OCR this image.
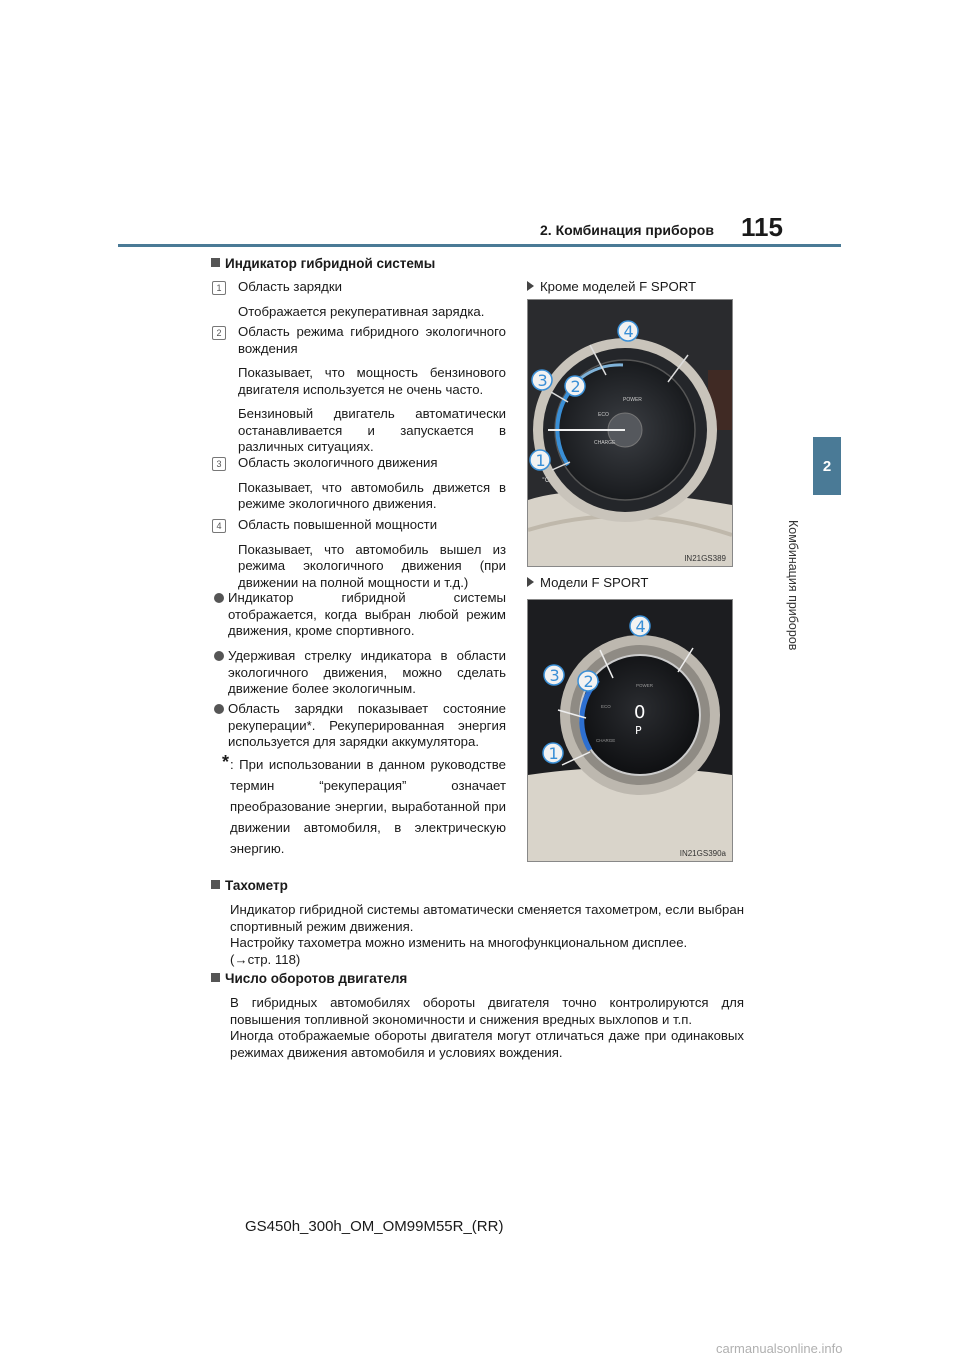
2. Комбинация приборов 115
2
Комбинация приборов
Индикатор гибридной системы
1	Область зарядки
Отображается рекуперативная зарядка.
2	Область режима гибридного экологичного вождения
Показывает, что мощность бензинового двигателя используется не очень часто.
Бензиновый двигатель автоматически останавливается и запускается в различных ситуациях.
3	Область экологичного движения
Показывает, что автомобиль движется в режиме экологичного движения.
4	Область повышенной мощности
Показывает, что автомобиль вышел из режима экологичного движения (при движении на полной мощности и т.д.)
Индикатор гибридной системы отображается, когда выбран любой режим движения, кроме спортивного.
Удерживая стрелку индикатора в области экологичного движения, можно сделать движение более экологичным.
Область зарядки показывает состояние рекуперации*. Рекуперированная энергия используется для зарядки аккумулятора.
* : При использовании в данном руководстве термин “рекуперация” означает преобразование энергии, выработанной при движении автомобиля, в электрическую энергию.
Кроме моделей F SPORT
POWER
ECO
CHARGE
°C
1
2
3
4
IN21GS389
Модели F SPORT
0
P
POWER
ECO
CHARGE
1
2
3
4
IN21GS390a
Тахометр
Индикатор гибридной системы автоматически сменяется тахометром, если выбран спортивный режим движения.
Настройку тахометра можно изменить на многофункциональном дисплее.
(→стр. 118)
Число оборотов двигателя
В гибридных автомобилях обороты двигателя точно контролируются для повышения топливной экономичности и снижения вредных выхлопов и т.п.
Иногда отображаемые обороты двигателя могут отличаться даже при одинаковых режимах движения автомобиля и условиях вождения.
GS450h_300h_OM_OM99M55R_(RR)
carmanualsonline.info
